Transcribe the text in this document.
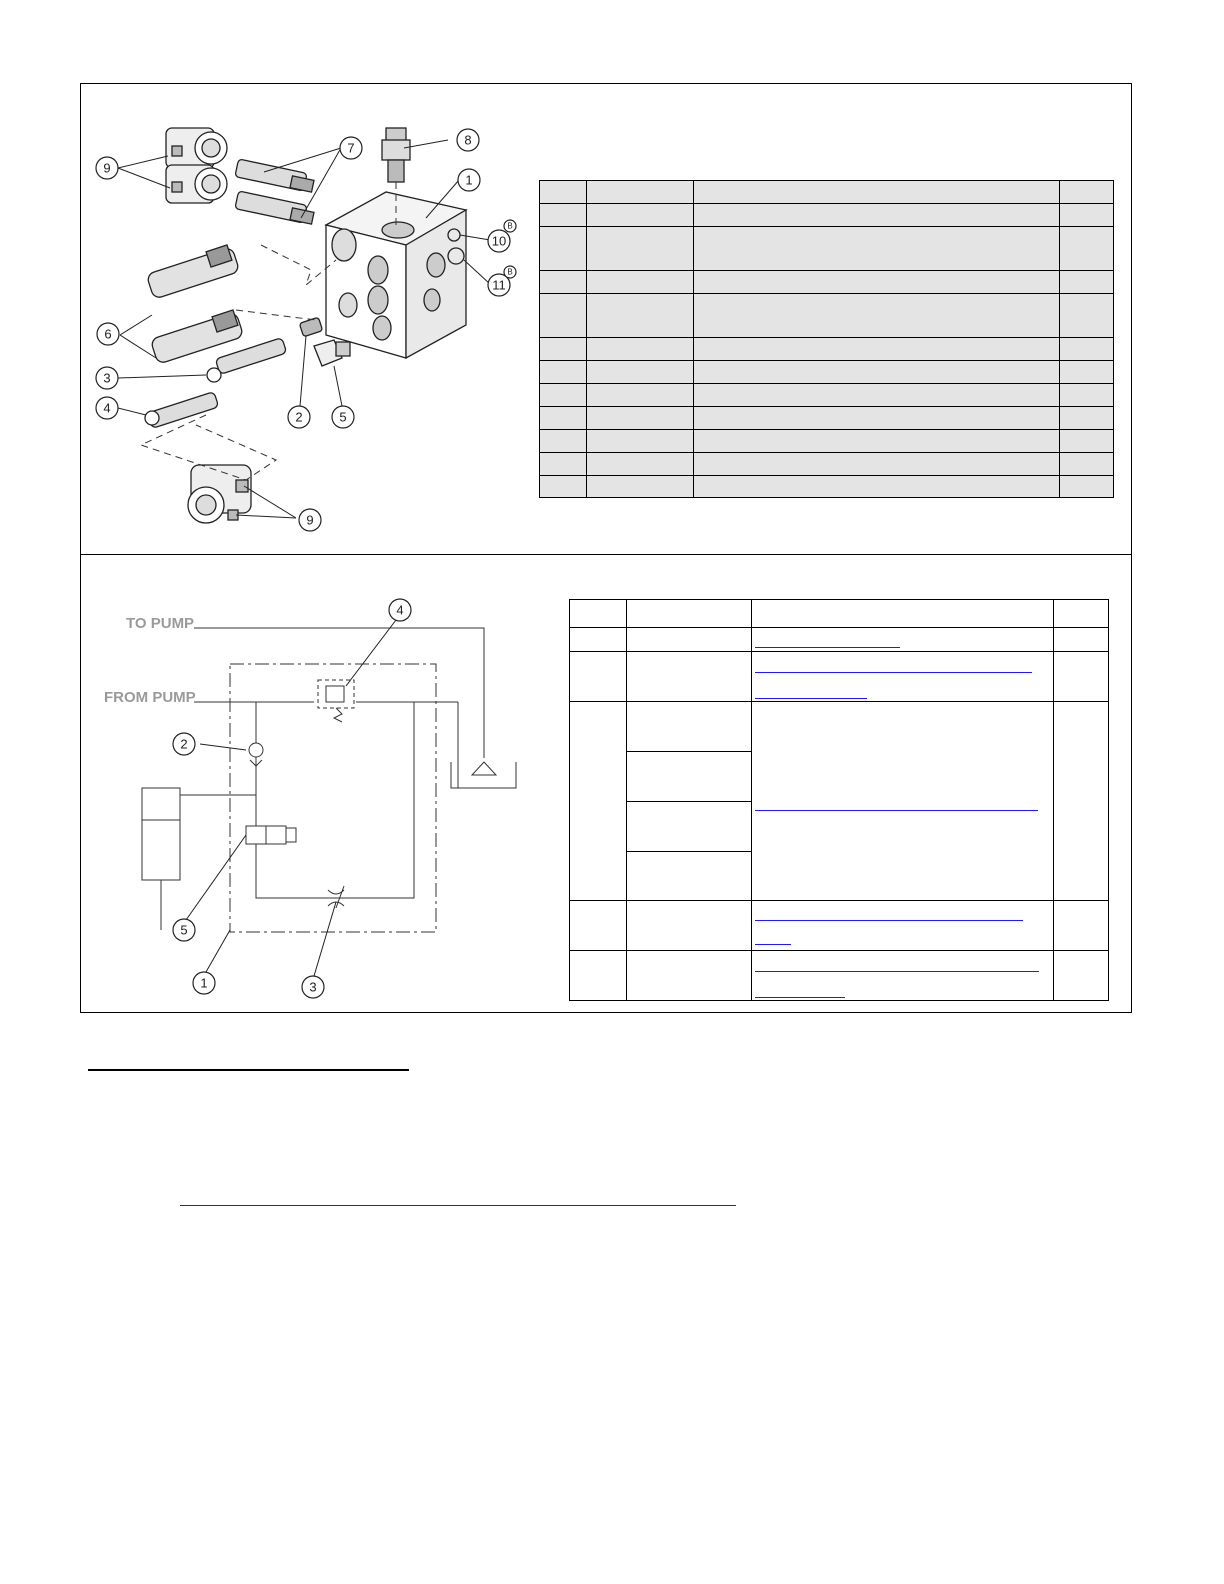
1
2
3
4
5
6
7
8
9
9
10
11
B
B

TO PUMP
FROM PUMP
1
2
3
4
5
